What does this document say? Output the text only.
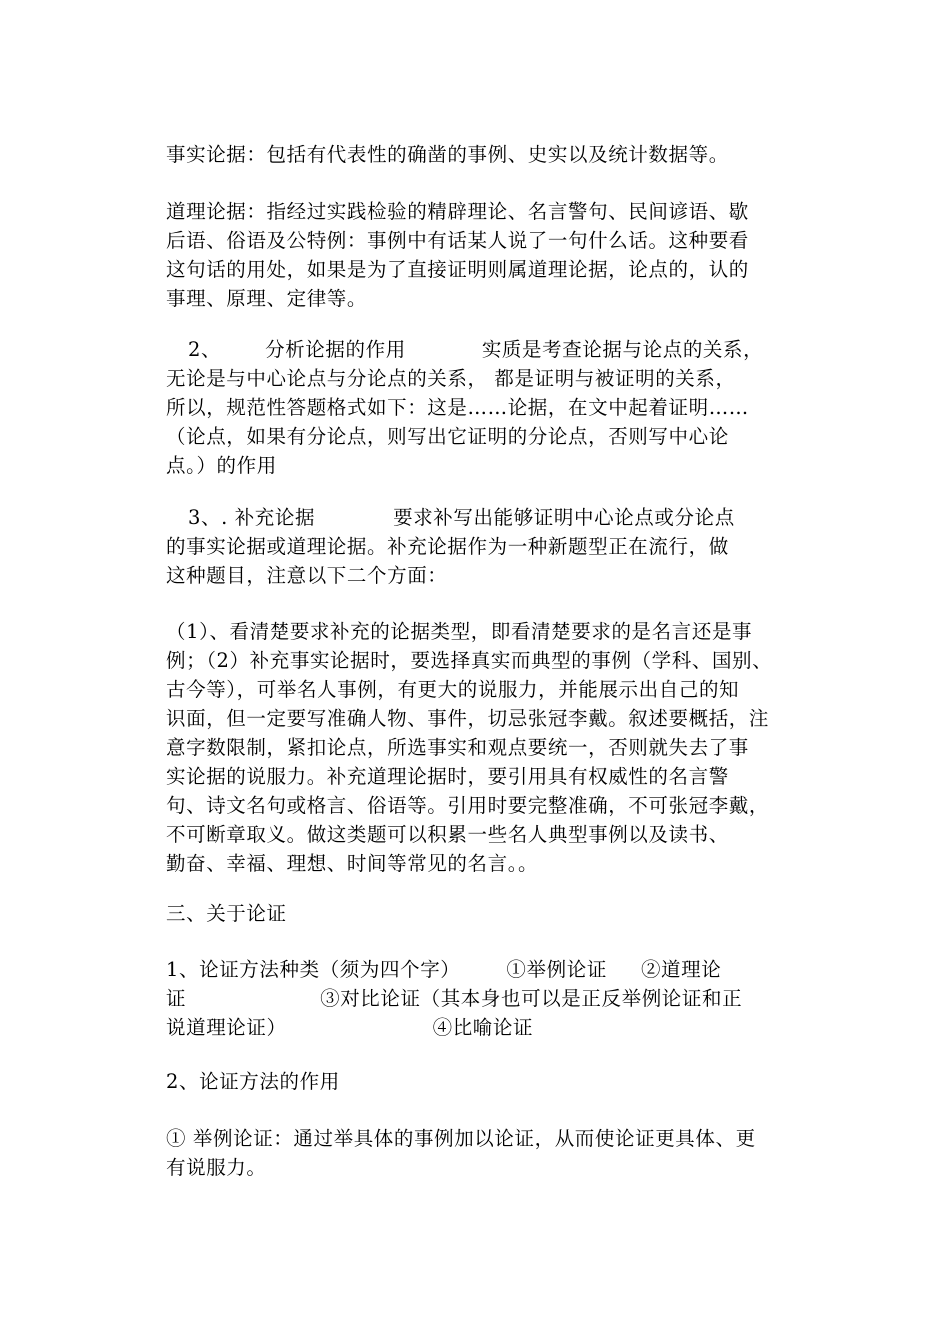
事实论据：包括有代表性的确凿的事例、史实以及统计数据等。

道理论据：指经过实践检验的精辟理论、名言警句、民间谚语、歇
后语、俗语及公特例：事例中有话某人说了一句什么话。这种要看
这句话的用处，如果是为了直接证明则属道理论据，论点的，认的
事理、原理、定律等。

2、 分析论据的作用	实质是考查论据与论点的关系，
无论是与中心论点与分论点的关系， 都是证明与被证明的关系，
所以，规范性答题格式如下：这是……论据，在文中起着证明……
（论点，如果有分论点，则写出它证明的分论点，否则写中心论
点。）的作用

3、. 补充论据	要求补写出能够证明中心论点或分论点
的事实论据或道理论据。补充论据作为一种新题型正在流行，做
这种题目，注意以下二个方面：

（1）、看清楚要求补充的论据类型，即看清楚要求的是名言还是事
例；（2）补充事实论据时，要选择真实而典型的事例（学科、国别、
古今等），可举名人事例，有更大的说服力，并能展示出自己的知
识面，但一定要写准确人物、事件，切忌张冠李戴。叙述要概括，注
意字数限制，紧扣论点，所选事实和观点要统一，否则就失去了事
实论据的说服力。补充道理论据时，要引用具有权威性的名言警
句、诗文名句或格言、俗语等。引用时要完整准确，不可张冠李戴，
不可断章取义。做这类题可以积累一些名人典型事例以及读书、
勤奋、幸福、理想、时间等常见的名言。。

三、关于论证

1、论证方法种类（须为四个字） ①举例论证 ②道理论
证	③对比论证（其本身也可以是正反举例论证和正
说道理论证）	④比喻论证

2、论证方法的作用

① 举例论证：通过举具体的事例加以论证，从而使论证更具体、更
有说服力。
